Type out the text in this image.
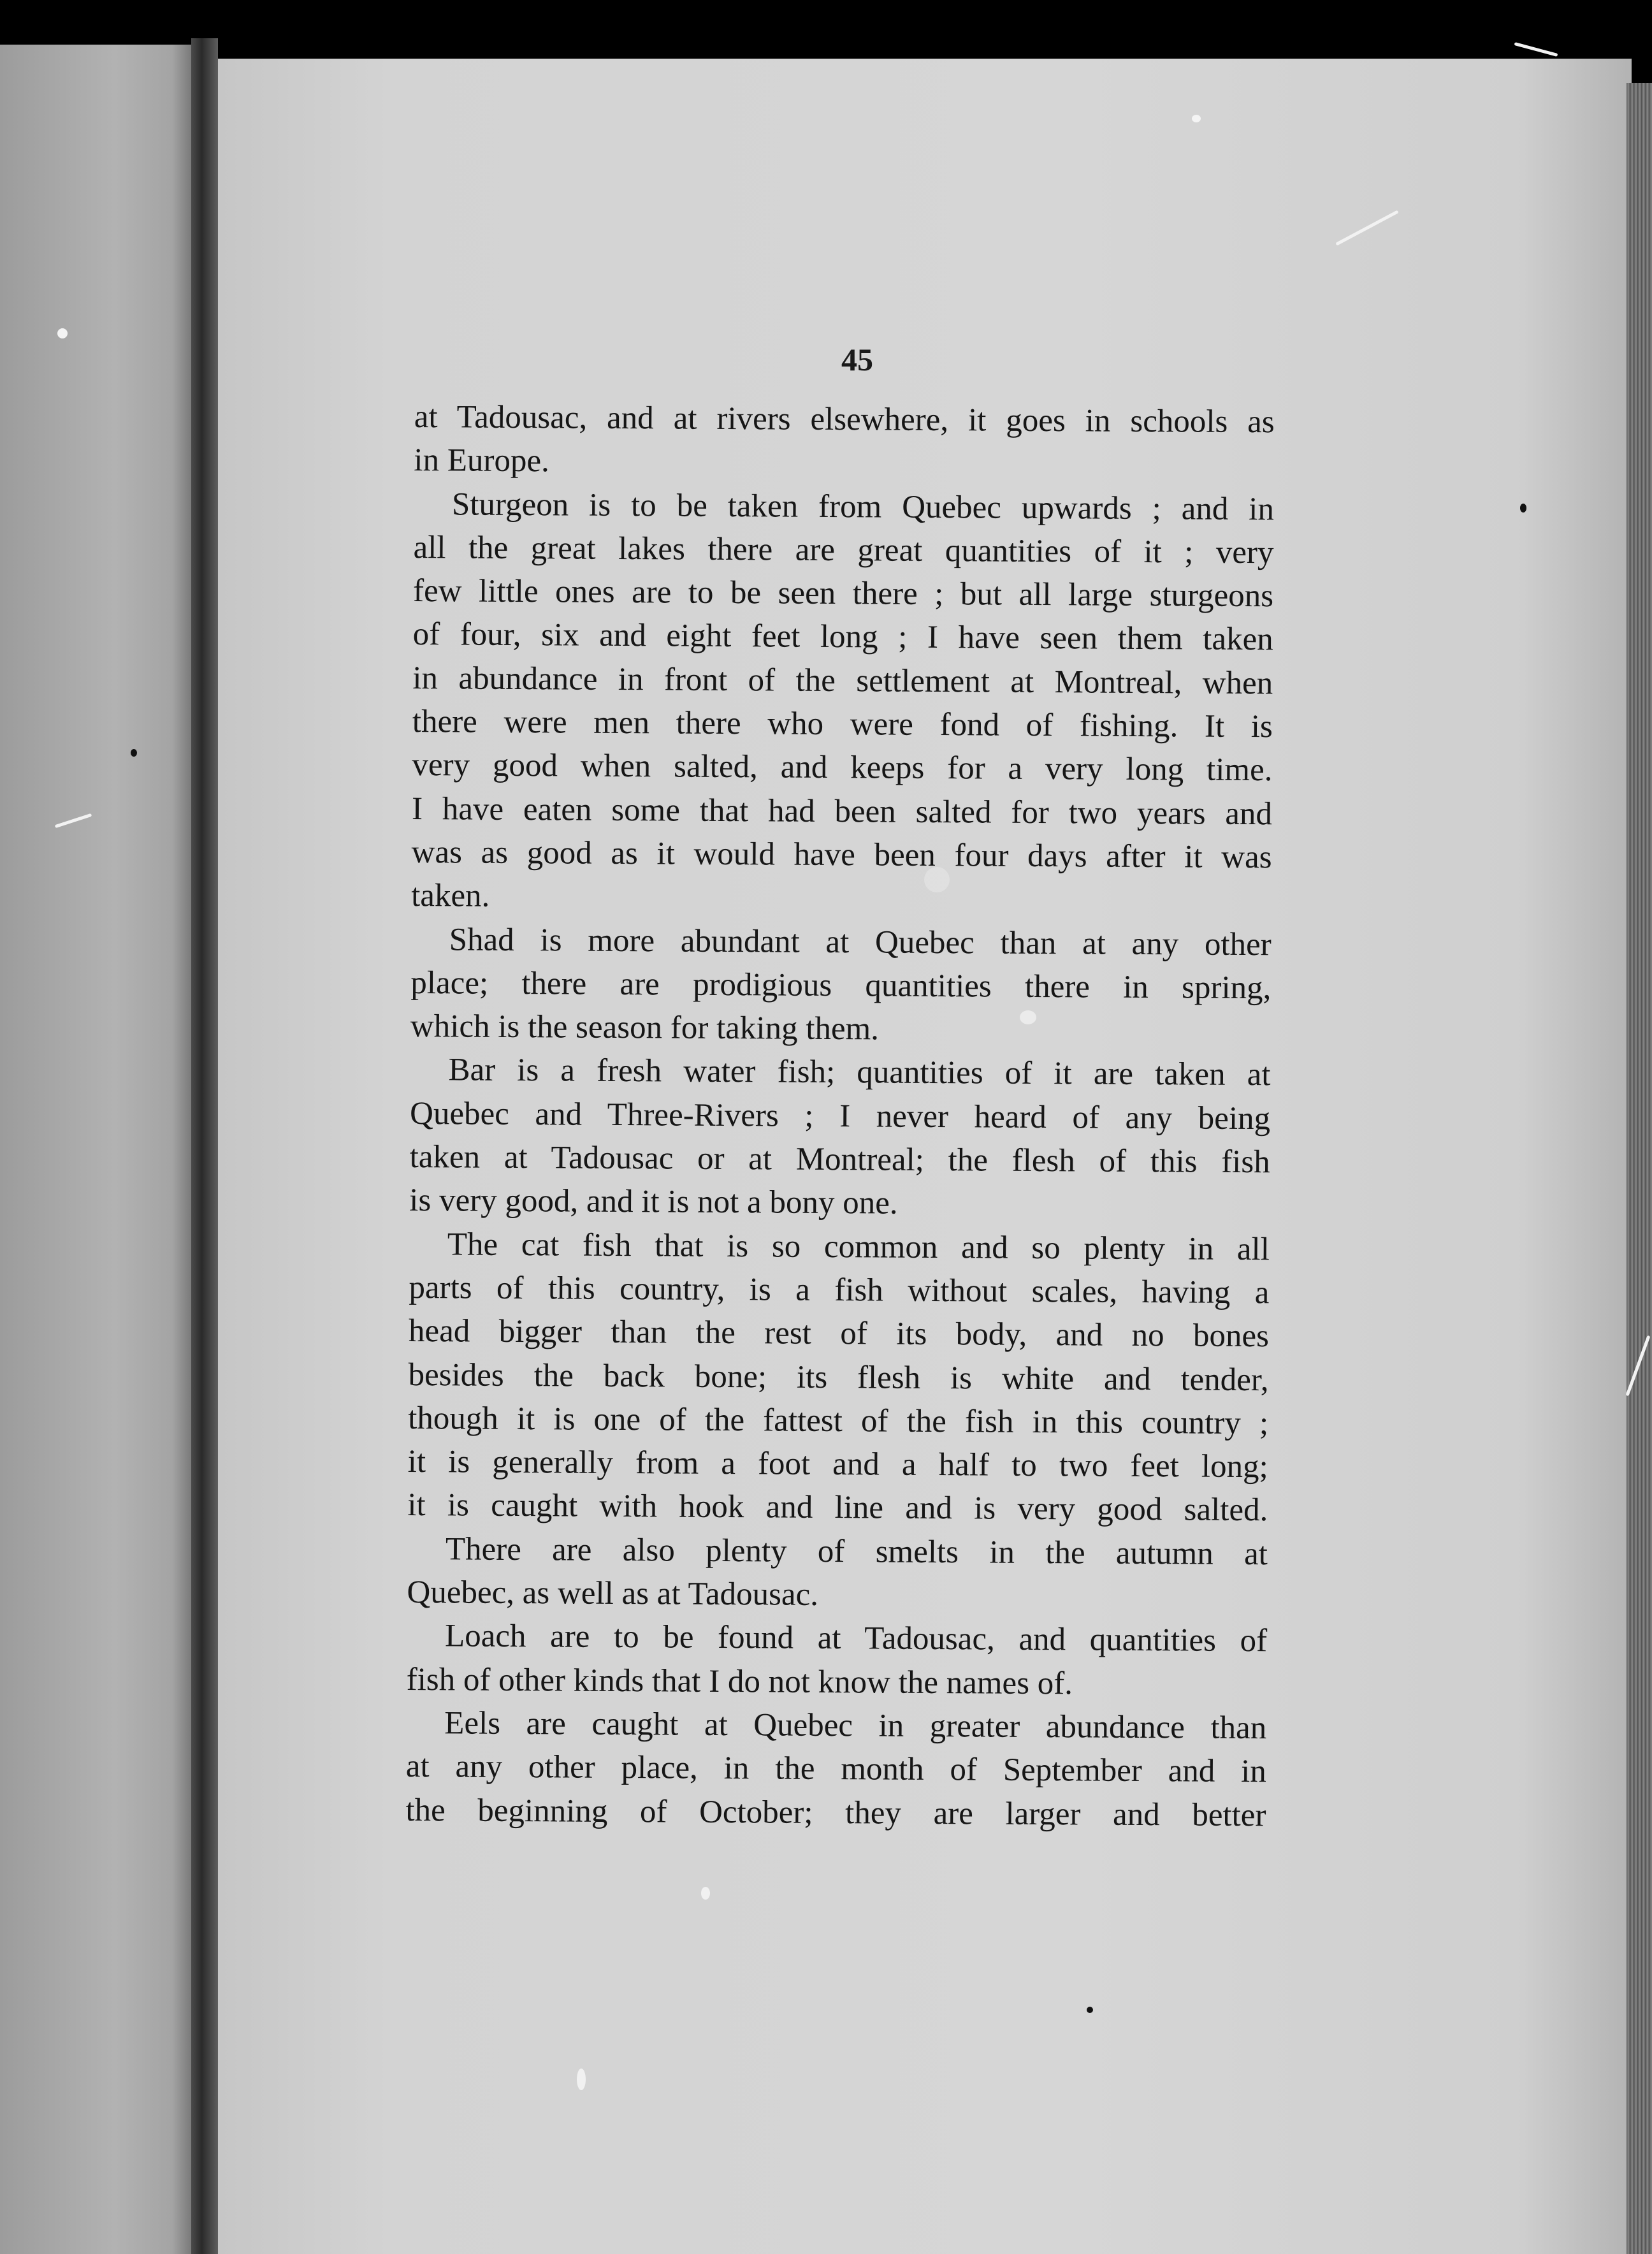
45
at Tadousac, and at rivers elsewhere, it goes in schools as
in Europe.
Sturgeon is to be taken from Quebec upwards ; and in
all the great lakes there are great quantities of it ; very
few little ones are to be seen there ; but all large sturgeons
of four, six and eight feet long ; I have seen them taken
in abundance in front of the settlement at Montreal, when
there were men there who were fond of fishing. It is
very good when salted, and keeps for a very long time.
I have eaten some that had been salted for two years and
was as good as it would have been four days after it was
taken.
Shad is more abundant at Quebec than at any other
place; there are prodigious quantities there in spring,
which is the season for taking them.
Bar is a fresh water fish; quantities of it are taken at
Quebec and Three-Rivers ; I never heard of any being
taken at Tadousac or at Montreal; the flesh of this fish
is very good, and it is not a bony one.
The cat fish that is so common and so plenty in all
parts of this country, is a fish without scales, having a
head bigger than the rest of its body, and no bones
besides the back bone; its flesh is white and tender,
though it is one of the fattest of the fish in this country ;
it is generally from a foot and a half to two feet long;
it is caught with hook and line and is very good salted.
There are also plenty of smelts in the autumn at
Quebec, as well as at Tadousac.
Loach are to be found at Tadousac, and quantities of
fish of other kinds that I do not know the names of.
Eels are caught at Quebec in greater abundance than
at any other place, in the month of September and in
the beginning of October; they are larger and better
